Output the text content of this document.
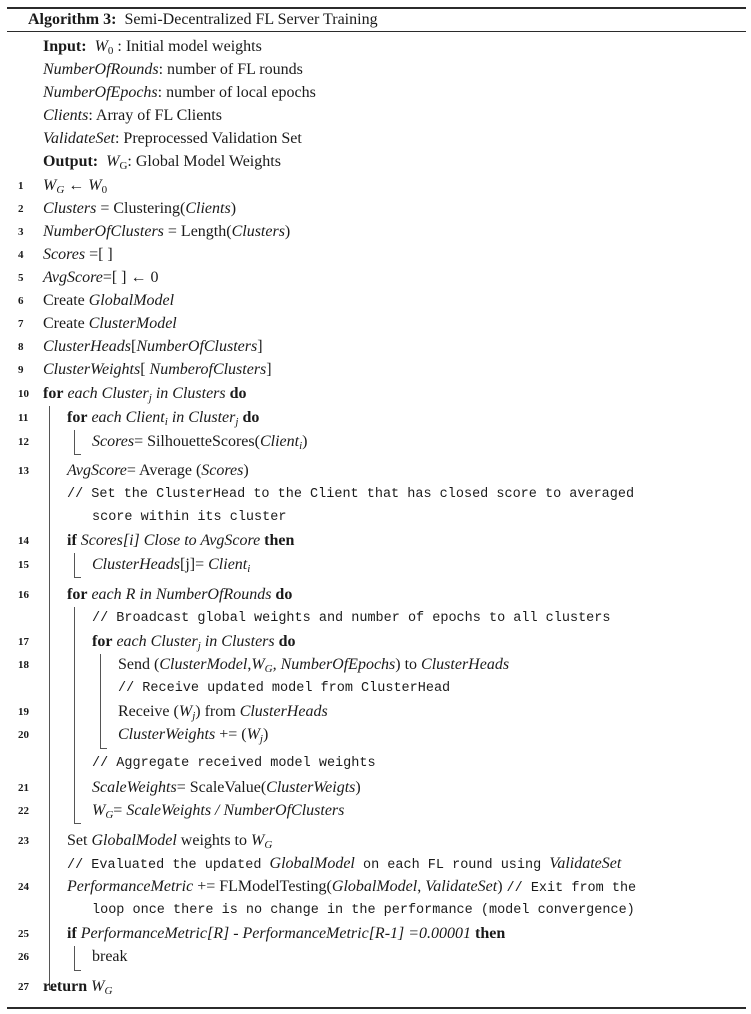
Algorithm 3: Semi-Decentralized FL Server Training
Input: $W_0$ : Initial model weights
NumberOfRounds: number of FL rounds
NumberOfEpochs: number of local epochs
Clients: Array of FL Clients
ValidateSet: Preprocessed Validation Set
Output: $W_G$: Global Model Weights
1
2
3
4
5
6
7
8
9
10
11
12
13
14
15
16
17
18
19
20
21
22
23
24
25
26
27
$W_G$ ← $W_0$
Clusters = Clustering(Clients)
NumberOfClusters = Length(Clusters)
Scores =[ ]
AvgScore=[ ] ← 0
Create GlobalModel
Create ClusterModel
ClusterHeads[NumberOfClusters]
ClusterWeights[ NumberofClusters]
for each Cluster$_j$ in Clusters do
for each Client$_i$ in Cluster$_j$ do
Scores= SilhouetteScores(Client$_i$)
AvgScore= Average (Scores)
// Set the ClusterHead to the Client that has closed score to averaged
score within its cluster
if Scores[i] Close to AvgScore then
ClusterHeads[j]= Client$_i$
for each R in NumberOfRounds do
// Broadcast global weights and number of epochs to all clusters
for each Cluster$_j$ in Clusters do
Send ($ClusterModel,W_G$, NumberOfEpochs) to ClusterHeads
// Receive updated model from ClusterHead
Receive $(W_j)$ from ClusterHeads
ClusterWeights += $(W_j)$
// Aggregate received model weights
ScaleWeights= ScaleValue(ClusterWeigts)
$W_G=$ ScaleWeights / NumberOfClusters
Set GlobalModel weights to $W_G$
// Evaluated the updated GlobalModel on each FL round using ValidateSet
PerformanceMetric += FLModelTesting(GlobalModel, ValidateSet) // Exit from the
loop once there is no change in the performance (model convergence)
if PerformanceMetric[R] - PerformanceMetric[R-1] =0.00001 then
break
return $W_G$
